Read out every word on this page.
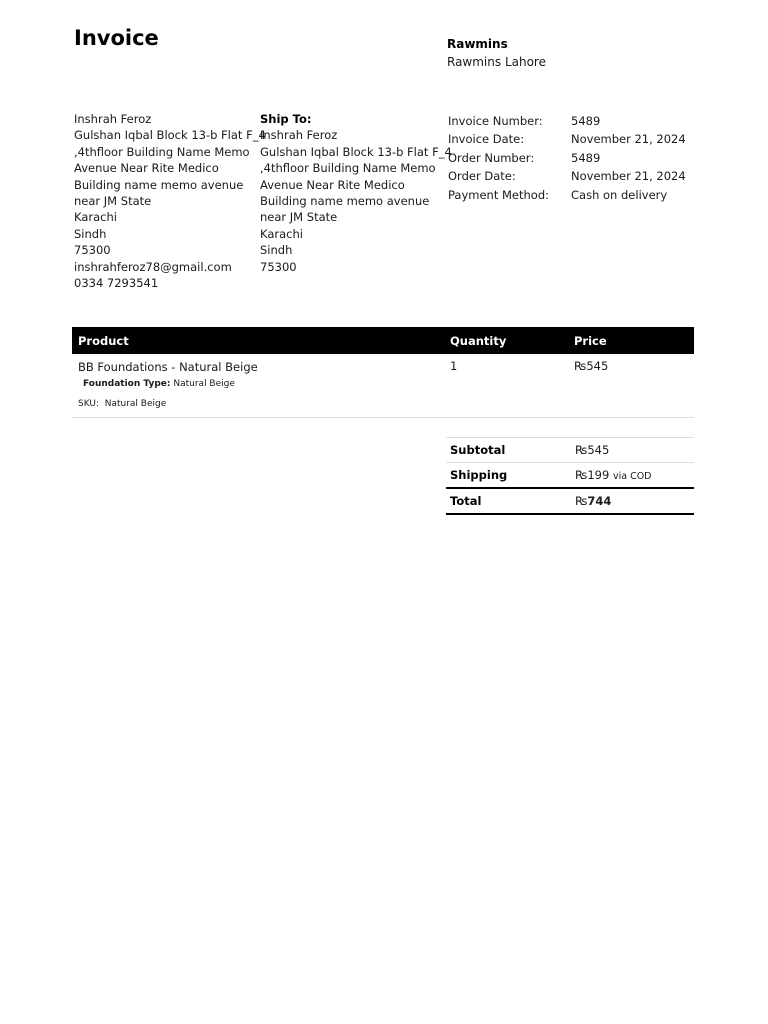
Invoice	Rawmins
Rawmins Lahore
Inshrah Feroz
Gulshan Iqbal Block 13-b Flat F_4
,4thfloor Building Name Memo
Avenue Near Rite Medico
Building name memo avenue
near JM State
Karachi
Sindh
75300
inshrahferoz78@gmail.com
0334 7293541
Ship To:
Inshrah Feroz
Gulshan Iqbal Block 13-b Flat F_4
,4thfloor Building Name Memo
Avenue Near Rite Medico
Building name memo avenue
near JM State
Karachi
Sindh
75300
Invoice Number:	5489
Invoice Date:	November 21, 2024
Order Number:	5489
Order Date:	November 21, 2024
Payment Method:	Cash on delivery
Product	Quantity	Price

BB Foundations - Natural Beige
Foundation Type: Natural Beige
SKU: Natural Beige	1	₨545
Subtotal	₨545
Shipping	₨199 via COD
Total	₨744
